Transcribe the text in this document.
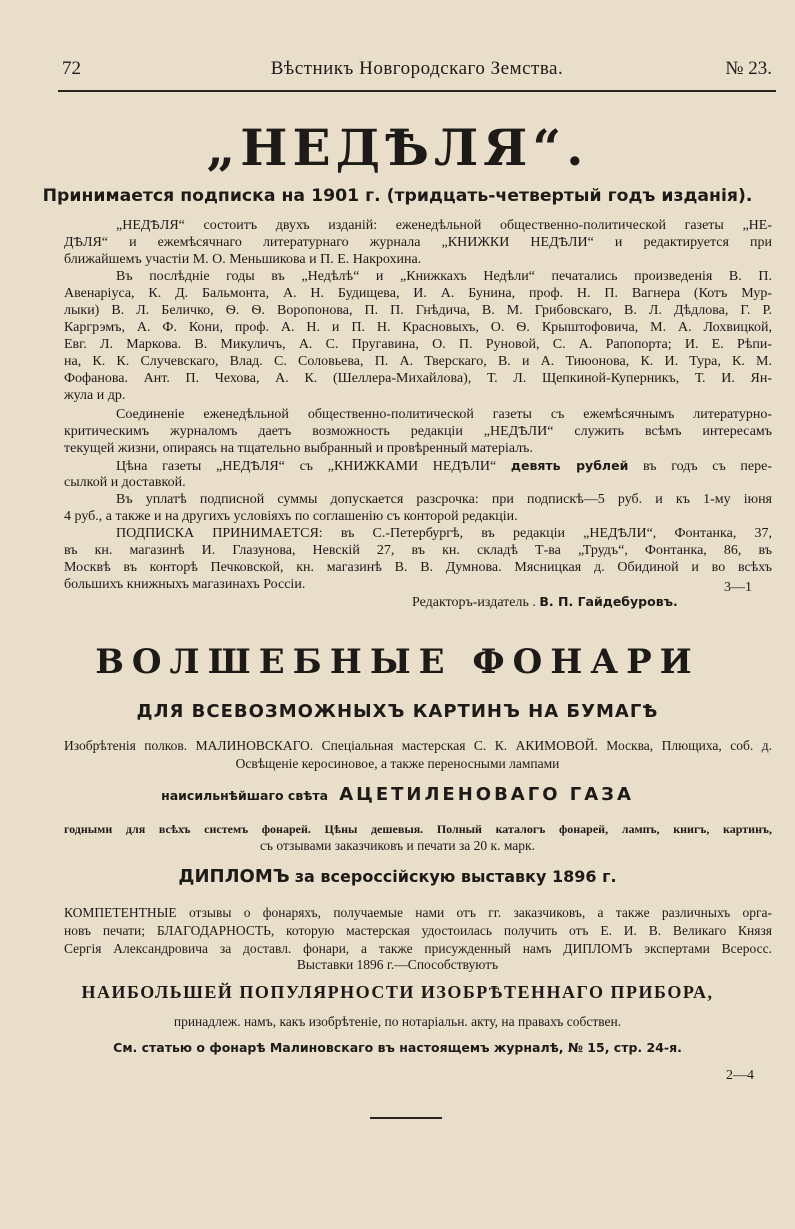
72	Вѣстникъ Новгородскаго Земства.	№ 23.
„НЕДѢЛЯ“.
Принимается подписка на 1901 г. (тридцать-четвертый годъ изданія).

„НЕДѢЛЯ“ состоитъ двухъ изданій: еженедѣльной общественно-политической газеты „НЕ-

ДѢЛЯ“ и ежемѣсячнаго литературнаго журнала „КНИЖКИ НЕДѢЛИ“ и редактируется при

ближайшемъ участіи М. О. Меньшикова и П. Е. Накрохина.

Въ послѣдніе годы въ „Недѣлѣ“ и „Книжкахъ Недѣли“ печатались произведенія В. П.

Авенаріуса, К. Д. Бальмонта, А. Н. Будищева, И. А. Бунина, проф. Н. П. Вагнера (Котъ Мур-

лыки) В. Л. Беличко, Ѳ. Ѳ. Воропонова, П. П. Гнѣдича, В. М. Грибовскаго, В. Л. Дѣдлова, Г. Р.

Каргрэмъ, А. Ф. Кони, проф. А. Н. и П. Н. Красновыхъ, О. Ѳ. Крыштофовича, М. А. Лохвицкой,

Евг. Л. Маркова. В. Микуличъ, А. С. Пругавина, О. П. Руновой, С. А. Рапопорта; И. Е. Рѣпи-

на, К. К. Случевскаго, Влад. С. Соловьева, П. А. Тверскаго, В. и А. Тиюонова, К. И. Тура, К. М.

Фофанова. Ант. П. Чехова, А. К. (Шеллера-Михайлова), Т. Л. Щепкиной-Куперникъ, Т. И. Ян-

жула и др.

Соединеніе еженедѣльной общественно-политической газеты съ ежемѣсячнымъ литературно-

критическимъ журналомъ даетъ возможность редакціи „НЕДѢЛИ“ служить всѣмъ интересамъ

текущей жизни, опираясь на тщательно выбранный и провѣренный матеріалъ.

Цѣна газеты „НЕДѢЛЯ“ съ „КНИЖКАМИ НЕДѢЛИ“ девять рублей въ годъ съ пере-

сылкой и доставкой.

Въ уплатѣ подписной суммы допускается разсрочка: при подпискѣ—5 руб. и къ 1-му іюня

4 руб., а также и на другихъ условіяхъ по соглашенію съ конторой редакціи.

ПОДПИСКА ПРИНИМАЕТСЯ: въ С.-Петербургѣ, въ редакціи „НЕДѢЛИ“, Фонтанка, 37,

въ кн. магазинѣ И. Глазунова, Невскій 27, въ кн. складѣ Т-ва „Трудъ“, Фонтанка, 86, въ

Москвѣ въ конторѣ Печковской, кн. магазинѣ В. В. Думнова. Мясницкая д. Обидиной и во всѣхъ

большихъ книжныхъ магазинахъ Россіи.

Редакторъ-издатель . В. П. Гайдебуровъ.
3—1
ВОЛШЕБНЫЕ ФОНАРИ
ДЛЯ ВСЕВОЗМОЖНЫХЪ КАРТИНЪ НА БУМАГѢ
Изобрѣтенія полков. МАЛИНОВСКАГО. Спеціальная мастерская С. К. АКИМОВОЙ. Москва, Плющиха, соб. д.
Освѣщеніе керосиновое, а также переносными лампами
наисильнѣйшаго свѣта АЦЕТИЛЕНОВАГО ГАЗА
годными для всѣхъ системъ фонарей. Цѣны дешевыя. Полный каталогъ фонарей, лампъ, книгъ, картинъ,
съ отзывами заказчиковъ и печати за 20 к. марк.
ДИПЛОМЪ за всероссійскую выставку 1896 г.

КОМПЕТЕНТНЫЕ отзывы о фонаряхъ, получаемые нами отъ гг. заказчиковъ, а также различныхъ орга-

новъ печати; БЛАГОДАРНОСТЬ, которую мастерская удостоилась получить отъ Е. И. В. Великаго Князя

Сергія Александровича за доставл. фонари, а также присужденный намъ ДИПЛОМЪ экспертами Всеросс.

Выставки 1896 г.—Способствуютъ
НАИБОЛЬШЕЙ ПОПУЛЯРНОСТИ ИЗОБРѢТЕННАГО ПРИБОРА,
принадлеж. намъ, какъ изобрѣтеніе, по нотаріальн. акту, на правахъ собствен.
См. статью о фонарѣ Малиновскаго въ настоящемъ журналѣ, № 15, стр. 24-я.
2—4
